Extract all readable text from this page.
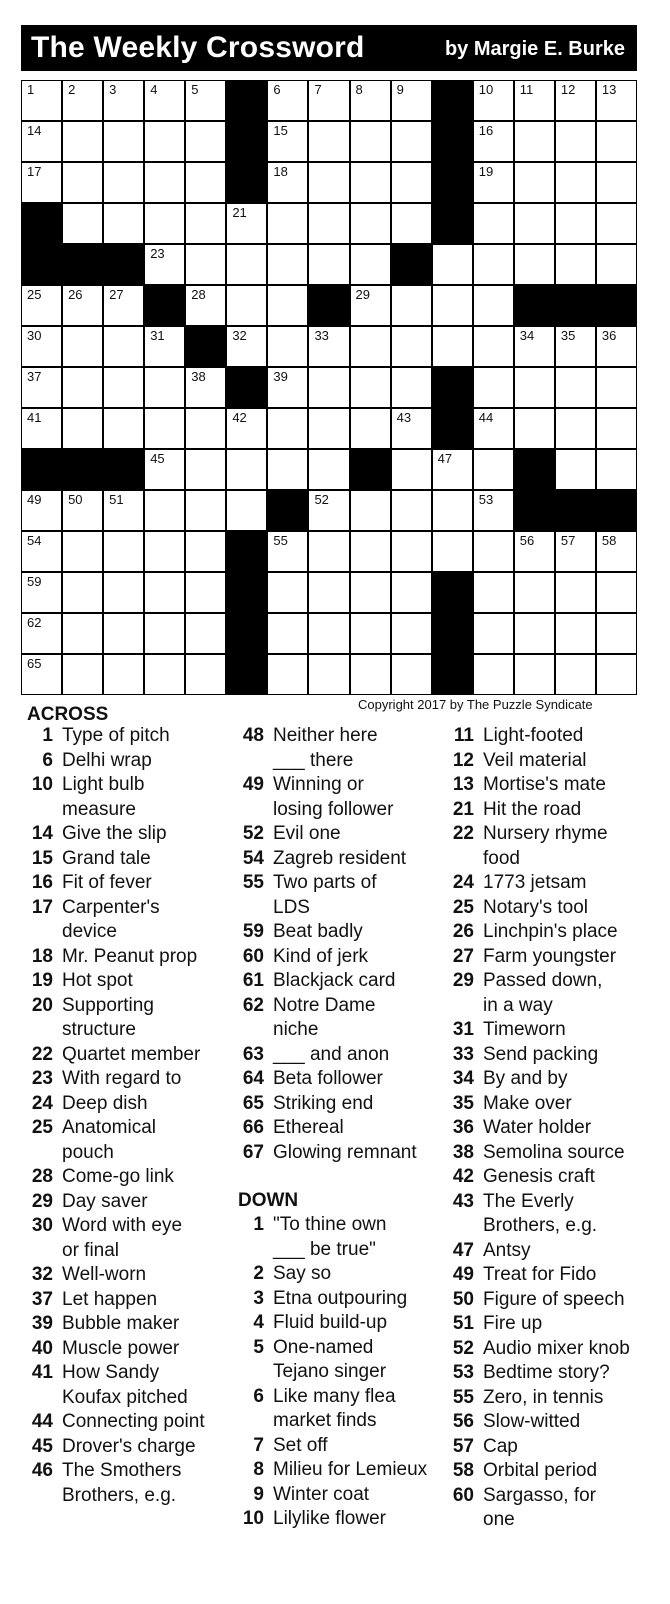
The Weekly Crossword	by Margie E. Burke
1	2	3	4	5	6	7	8	9	10 11 12 13
14	15	16
17	18	19
21
23
25 26 27	28	29
30	31	32	33	34 35 36
37	38	39
41	42	43	44
45	47
49 50 51	52	53
54	55	56 57 58
59
62
65
Copyright 2017 by The Puzzle Syndicate
ACROSS
DOWN
1 Type of pitch
6 Delhi wrap
10 Light bulb
measure
14 Give the slip
15 Grand tale
16 Fit of fever
17 Carpenter's
device
18 Mr. Peanut prop
19 Hot spot
20 Supporting
structure
22 Quartet member
23 With regard to
24 Deep dish
25 Anatomical
pouch
28 Come-go link
29 Day saver
30 Word with eye
or final
32 Well-worn
37 Let happen
39 Bubble maker
40 Muscle power
41 How Sandy
Koufax pitched
44 Connecting point
45 Drover's charge
46 The Smothers
Brothers, e.g.
48 Neither here
___ there
49 Winning or
losing follower
52 Evil one
54 Zagreb resident
55 Two parts of
LDS
59 Beat badly
60 Kind of jerk
61 Blackjack card
62 Notre Dame
niche
63 ___ and anon
64 Beta follower
65 Striking end
66 Ethereal
67 Glowing remnant
1 "To thine own
___ be true"
2 Say so
3 Etna outpouring
4 Fluid build-up
5 One-named
Tejano singer
6 Like many flea
market finds
7 Set off
8 Milieu for Lemieux
9 Winter coat
10 Lilylike flower
11 Light-footed
12 Veil material
13 Mortise's mate
21 Hit the road
22 Nursery rhyme
food
24 1773 jetsam
25 Notary's tool
26 Linchpin's place
27 Farm youngster
29 Passed down,
in a way
31 Timeworn
33 Send packing
34 By and by
35 Make over
36 Water holder
38 Semolina source
42 Genesis craft
43 The Everly
Brothers, e.g.
47 Antsy
49 Treat for Fido
50 Figure of speech
51 Fire up
52 Audio mixer knob
53 Bedtime story?
55 Zero, in tennis
56 Slow-witted
57 Cap
58 Orbital period
60 Sargasso, for
one
